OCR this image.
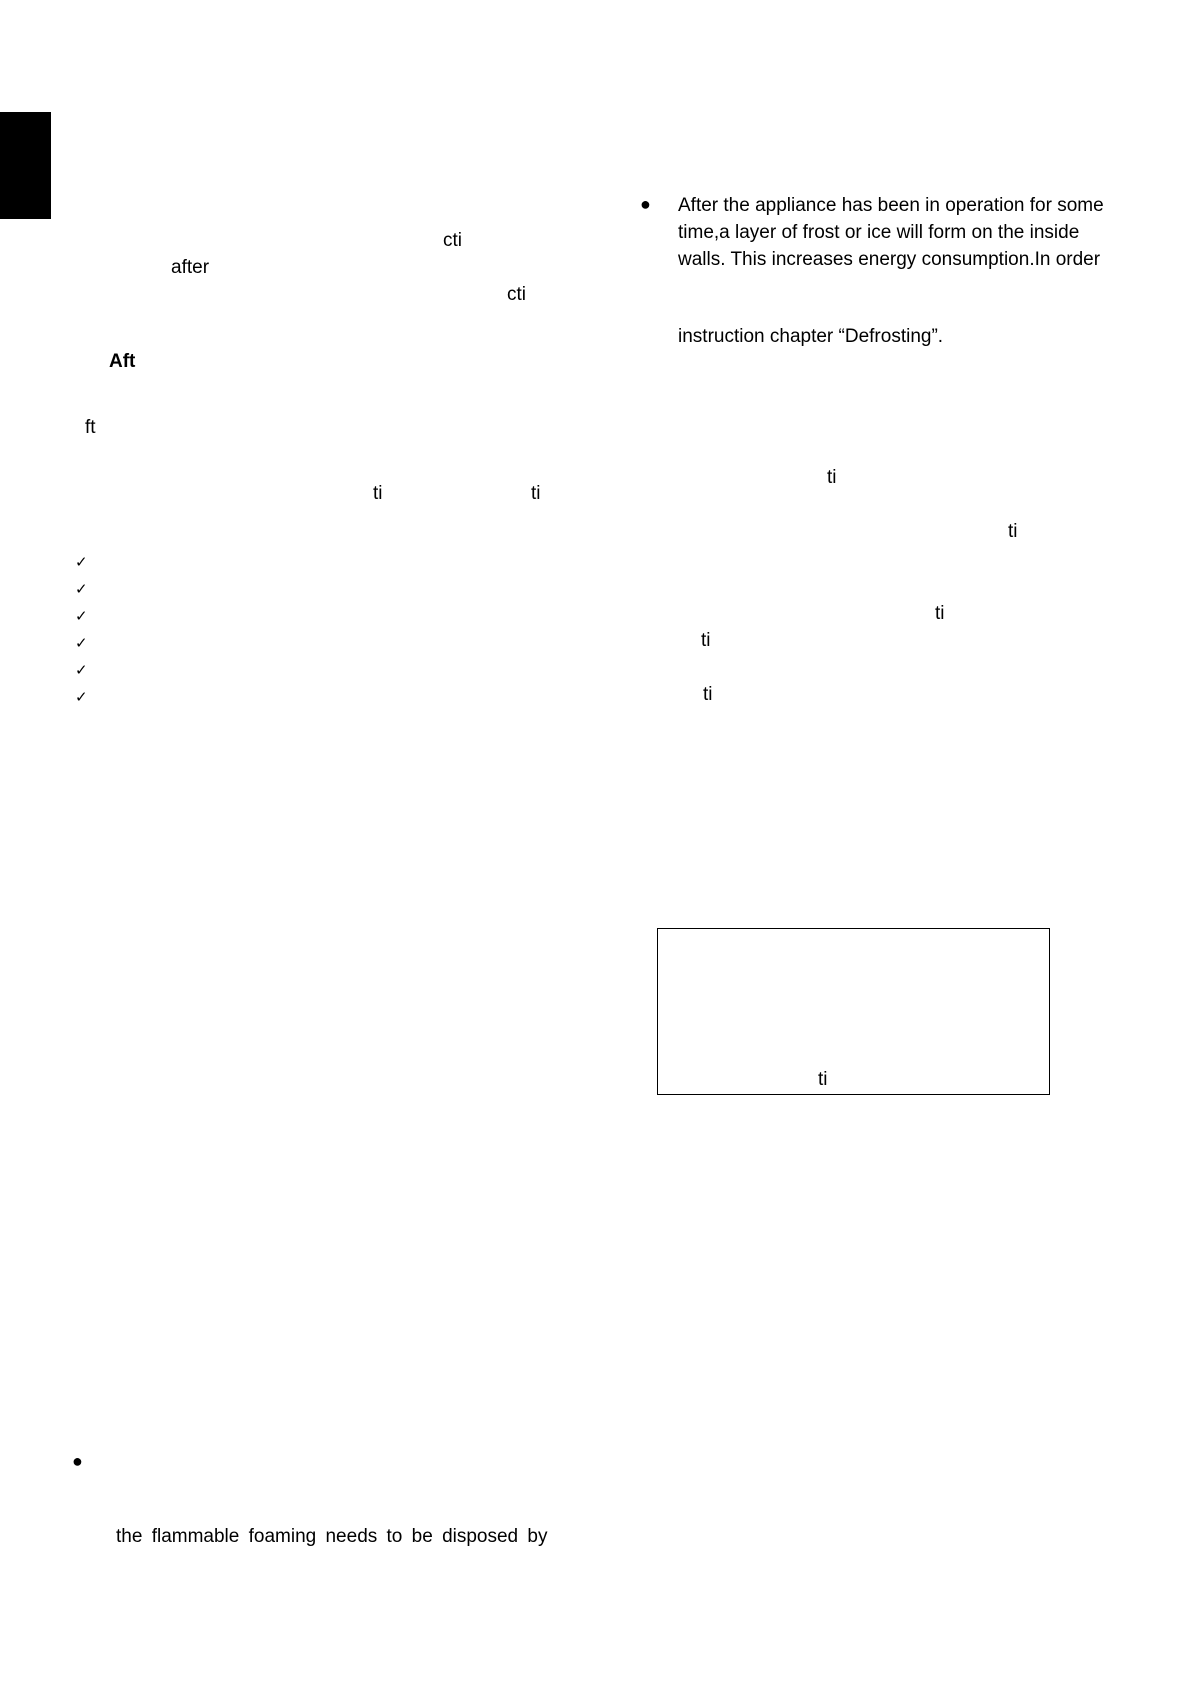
cti
after
cti
Aft
ft
ti	ti
✓
✓
✓
✓
✓
✓
●
the flammable foaming needs to be disposed by
● After the appliance has been in operation for some
time,a layer of frost or ice will form on the inside
walls. This increases energy consumption.In order
instruction chapter “Defrosting”.
ti
ti
ti
ti
ti
ti
